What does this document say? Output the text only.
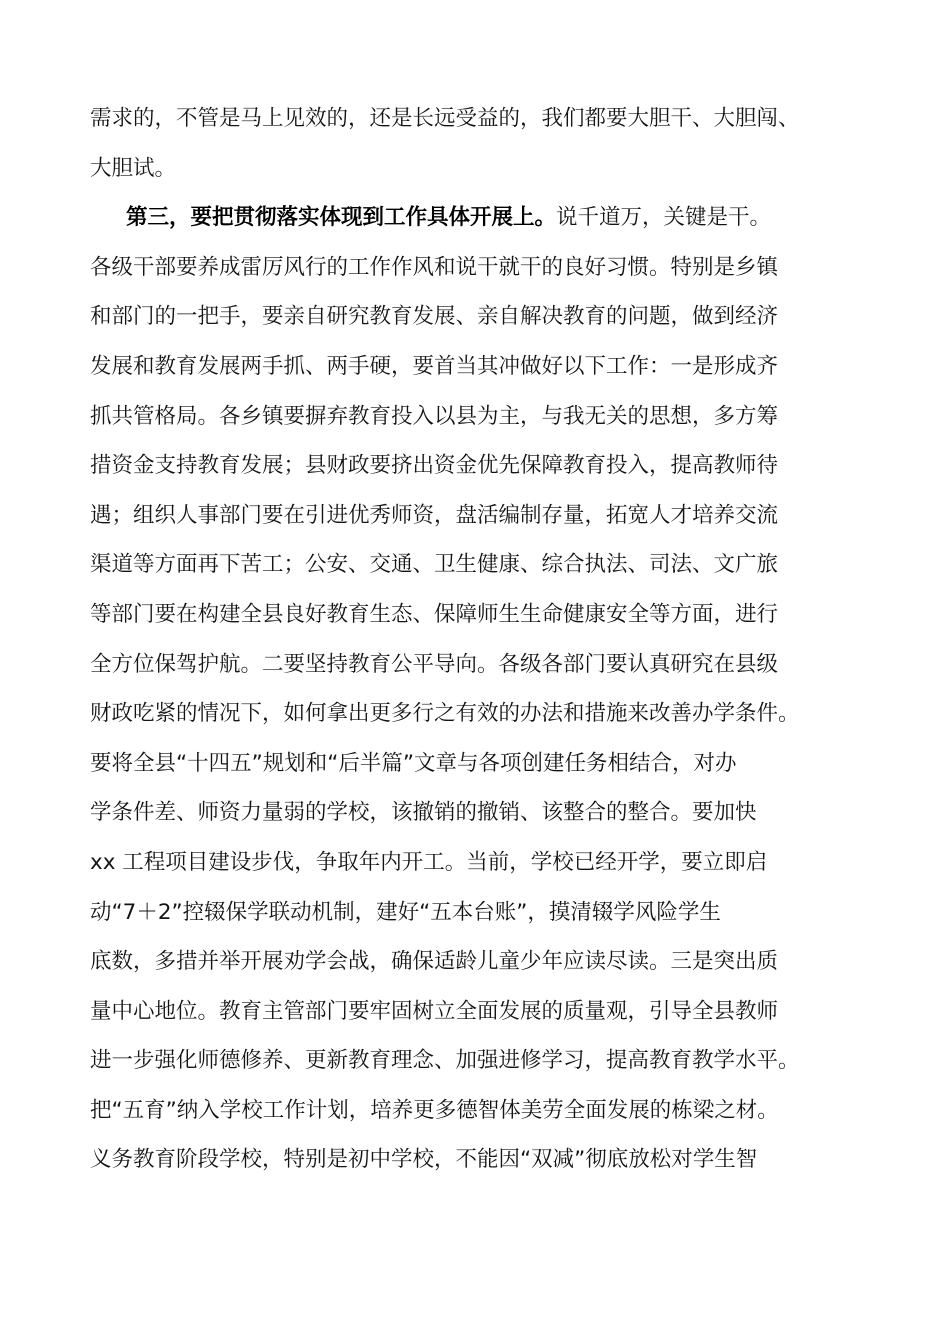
需求的，不管是马上见效的，还是长远受益的，我们都要大胆干、大胆闯、
大胆试。
第三，要把贯彻落实体现到工作具体开展上。说千道万，关键是干。
各级干部要养成雷厉风行的工作作风和说干就干的良好习惯。特别是乡镇
和部门的一把手，要亲自研究教育发展、亲自解决教育的问题，做到经济
发展和教育发展两手抓、两手硬，要首当其冲做好以下工作：一是形成齐
抓共管格局。各乡镇要摒弃教育投入以县为主，与我无关的思想，多方筹
措资金支持教育发展；县财政要挤出资金优先保障教育投入，提高教师待
遇；组织人事部门要在引进优秀师资，盘活编制存量，拓宽人才培养交流
渠道等方面再下苦工；公安、交通、卫生健康、综合执法、司法、文广旅
等部门要在构建全县良好教育生态、保障师生生命健康安全等方面，进行
全方位保驾护航。二要坚持教育公平导向。各级各部门要认真研究在县级
财政吃紧的情况下，如何拿出更多行之有效的办法和措施来改善办学条件。
要将全县“十四五”规划和“后半篇”文章与各项创建任务相结合，对办
学条件差、师资力量弱的学校，该撤销的撤销、该整合的整合。要加快
xx 工程项目建设步伐，争取年内开工。当前，学校已经开学，要立即启
动“7＋2”控辍保学联动机制，建好“五本台账”，摸清辍学风险学生
底数，多措并举开展劝学会战，确保适龄儿童少年应读尽读。三是突出质
量中心地位。教育主管部门要牢固树立全面发展的质量观，引导全县教师
进一步强化师德修养、更新教育理念、加强进修学习，提高教育教学水平。
把“五育”纳入学校工作计划，培养更多德智体美劳全面发展的栋梁之材。
义务教育阶段学校，特别是初中学校，不能因“双减”彻底放松对学生智
